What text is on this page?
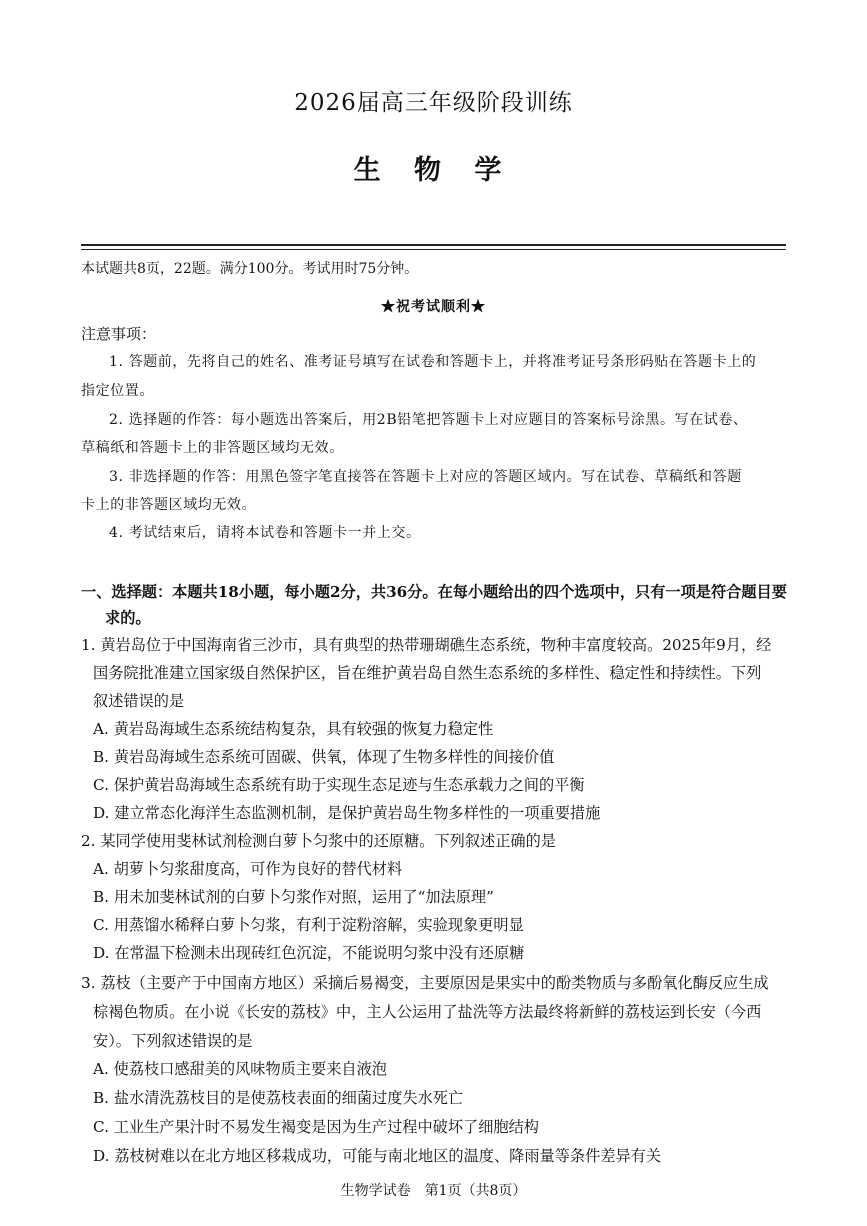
2026届高三年级阶段训练
生 物 学
本试题共8页，22题。满分100分。考试用时75分钟。
★祝考试顺利★
注意事项：
1. 答题前，先将自己的姓名、准考证号填写在试卷和答题卡上，并将准考证号条形码贴在答题卡上的
指定位置。
2. 选择题的作答：每小题选出答案后，用2B铅笔把答题卡上对应题目的答案标号涂黑。写在试卷、
草稿纸和答题卡上的非答题区域均无效。
3. 非选择题的作答：用黑色签字笔直接答在答题卡上对应的答题区域内。写在试卷、草稿纸和答题
卡上的非答题区域均无效。
4. 考试结束后，请将本试卷和答题卡一并上交。
一、选择题：本题共18小题，每小题2分，共36分。在每小题给出的四个选项中，只有一项是符合题目要
求的。
1. 黄岩岛位于中国海南省三沙市，具有典型的热带珊瑚礁生态系统，物种丰富度较高。2025年9月，经
国务院批准建立国家级自然保护区，旨在维护黄岩岛自然生态系统的多样性、稳定性和持续性。下列
叙述错误的是
A. 黄岩岛海域生态系统结构复杂，具有较强的恢复力稳定性
B. 黄岩岛海域生态系统可固碳、供氧，体现了生物多样性的间接价值
C. 保护黄岩岛海域生态系统有助于实现生态足迹与生态承载力之间的平衡
D. 建立常态化海洋生态监测机制，是保护黄岩岛生物多样性的一项重要措施
2. 某同学使用斐林试剂检测白萝卜匀浆中的还原糖。下列叙述正确的是
A. 胡萝卜匀浆甜度高，可作为良好的替代材料
B. 用未加斐林试剂的白萝卜匀浆作对照，运用了“加法原理”
C. 用蒸馏水稀释白萝卜匀浆，有利于淀粉溶解，实验现象更明显
D. 在常温下检测未出现砖红色沉淀，不能说明匀浆中没有还原糖
3. 荔枝（主要产于中国南方地区）采摘后易褐变，主要原因是果实中的酚类物质与多酚氧化酶反应生成
棕褐色物质。在小说《长安的荔枝》中，主人公运用了盐洗等方法最终将新鲜的荔枝运到长安（今西
安）。下列叙述错误的是
A. 使荔枝口感甜美的风味物质主要来自液泡
B. 盐水清洗荔枝目的是使荔枝表面的细菌过度失水死亡
C. 工业生产果汁时不易发生褐变是因为生产过程中破坏了细胞结构
D. 荔枝树难以在北方地区移栽成功，可能与南北地区的温度、降雨量等条件差异有关
生物学试卷　第1页（共8页）
